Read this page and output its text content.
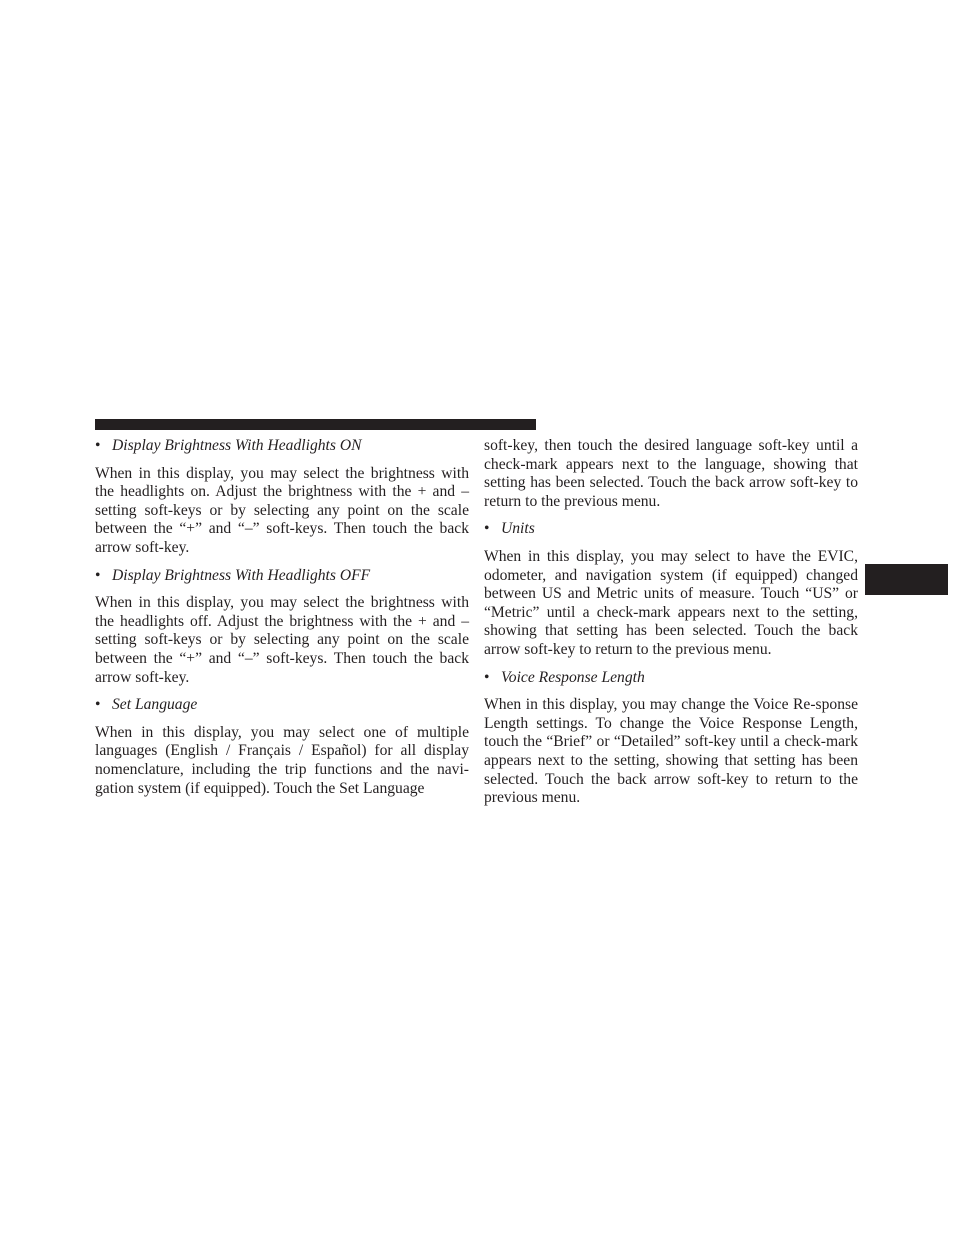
• Display Brightness With Headlights ON

When in this display, you may select the brightness with the headlights on. Adjust the brightness with the + and – setting soft-keys or by selecting any point on the scale between the “+” and “–” soft-keys. Then touch the back arrow soft-key.

• Display Brightness With Headlights OFF

When in this display, you may select the brightness with the headlights off. Adjust the brightness with the + and – setting soft-keys or by selecting any point on the scale between the “+” and “–” soft-keys. Then touch the back arrow soft-key.

• Set Language

When in this display, you may select one of multiple languages (English / Français / Español) for all display nomenclature, including the trip functions and the navi-gation system (if equipped). Touch the Set Language

soft-key, then touch the desired language soft-key until a check-mark appears next to the language, showing that setting has been selected. Touch the back arrow soft-key to return to the previous menu.

• Units

When in this display, you may select to have the EVIC, odometer, and navigation system (if equipped) changed between US and Metric units of measure. Touch “US” or “Metric” until a check-mark appears next to the setting, showing that setting has been selected. Touch the back arrow soft-key to return to the previous menu.

• Voice Response Length

When in this display, you may change the Voice Re-sponse Length settings. To change the Voice Response Length, touch the “Brief” or “Detailed” soft-key until a check-mark appears next to the setting, showing that setting has been selected. Touch the back arrow soft-key to return to the previous menu.
